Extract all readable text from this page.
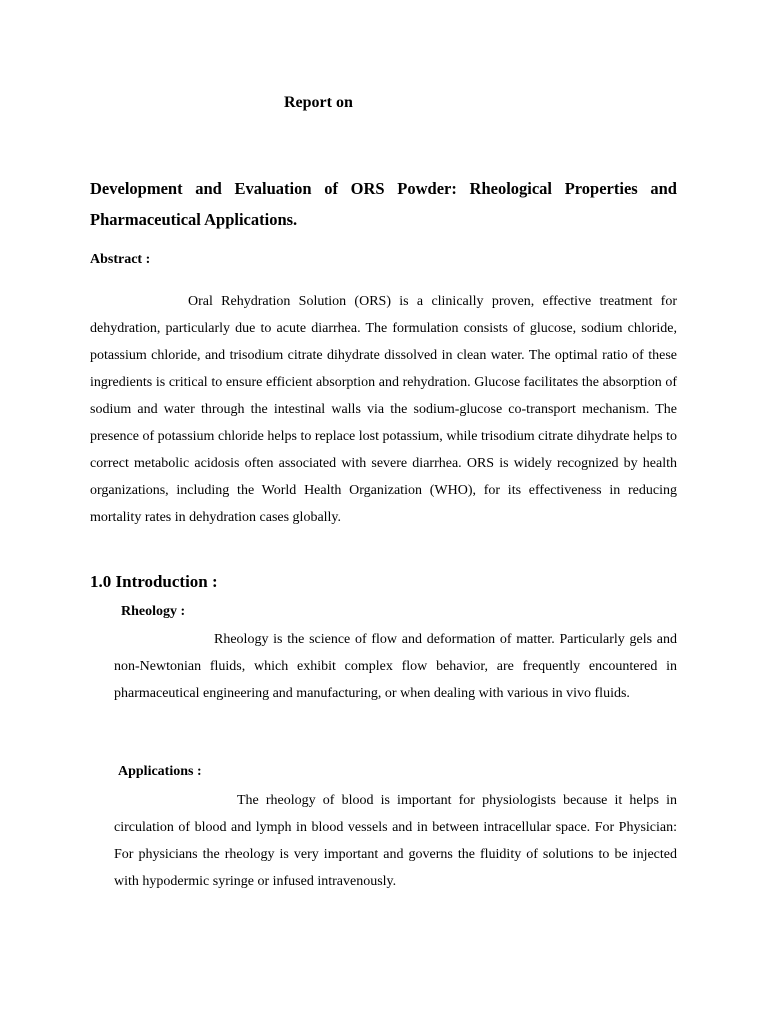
Report on

Development and Evaluation of ORS Powder: Rheological Properties and Pharmaceutical Applications.

Abstract :

Oral Rehydration Solution (ORS) is a clinically proven, effective treatment for dehydration, particularly due to acute diarrhea. The formulation consists of glucose, sodium chloride, potassium chloride, and trisodium citrate dihydrate dissolved in clean water. The optimal ratio of these ingredients is critical to ensure efficient absorption and rehydration. Glucose facilitates the absorption of sodium and water through the intestinal walls via the sodium-glucose co-transport mechanism. The presence of potassium chloride helps to replace lost potassium, while trisodium citrate dihydrate helps to correct metabolic acidosis often associated with severe diarrhea. ORS is widely recognized by health organizations, including the World Health Organization (WHO), for its effectiveness in reducing mortality rates in dehydration cases globally.

1.0 Introduction :

Rheology :

Rheology is the science of flow and deformation of matter. Particularly gels and non-Newtonian fluids, which exhibit complex flow behavior, are frequently encountered in pharmaceutical engineering and manufacturing, or when dealing with various in vivo fluids.

Applications :

The rheology of blood is important for physiologists because it helps in circulation of blood and lymph in blood vessels and in between intracellular space. For Physician: For physicians the rheology is very important and governs the fluidity of solutions to be injected with hypodermic syringe or infused intravenously.
